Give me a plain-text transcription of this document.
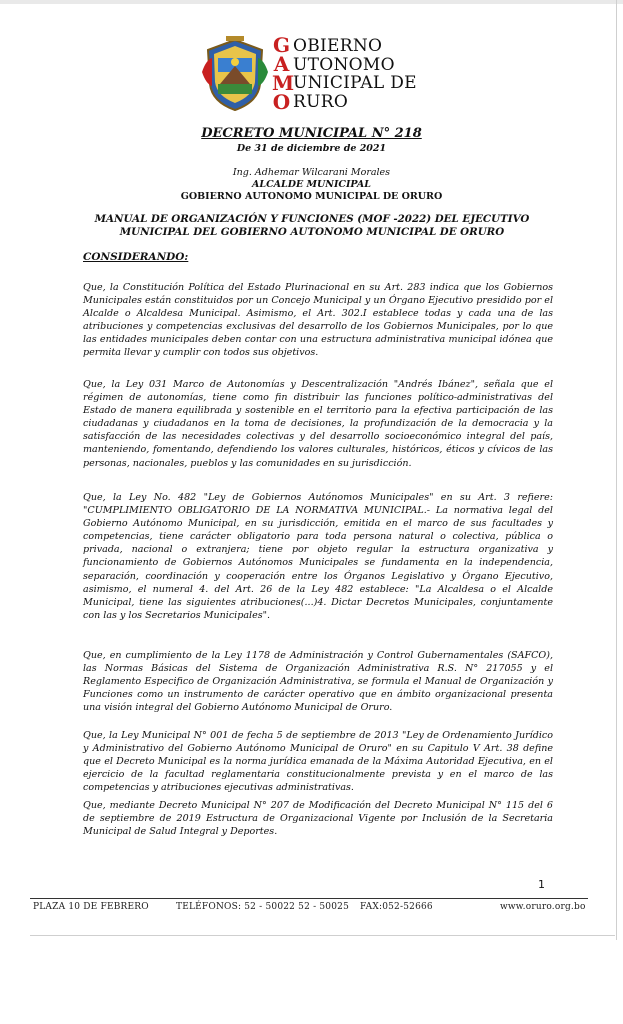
G
A
M
O
OBIERNO
UTONOMO
UNICIPAL DE
RURO
DECRETO MUNICIPAL N° 218
De 31 de diciembre de 2021
Ing. Adhemar Wilcarani Morales
ALCALDE MUNICIPAL
GOBIERNO AUTONOMO MUNICIPAL DE ORURO
MANUAL DE ORGANIZACIÓN Y FUNCIONES (MOF -2022) DEL EJECUTIVO MUNICIPAL DEL GOBIERNO AUTONOMO MUNICIPAL DE ORURO
CONSIDERANDO:
Que, la Constitución Política del Estado Plurinacional en su Art. 283 indica que los Gobiernos Municipales están constituidos por un Concejo Municipal y un Órgano Ejecutivo presidido por el Alcalde o Alcaldesa Municipal. Asimismo, el Art. 302.I establece todas y cada una de las atribuciones y competencias exclusivas del desarrollo de los Gobiernos Municipales, por lo que las entidades municipales deben contar con una estructura administrativa municipal idónea que permita llevar y cumplir con todos sus objetivos.
Que, la Ley 031 Marco de Autonomías y Descentralización "Andrés Ibánez", señala que el régimen de autonomías, tiene como fin distribuir las funciones político-administrativas del Estado de manera equilibrada y sostenible en el territorio para la efectiva participación de las ciudadanas y ciudadanos en la toma de decisiones, la profundización de la democracia y la satisfacción de las necesidades colectivas y del desarrollo socioeconómico integral del país, manteniendo, fomentando, defendiendo los valores culturales, históricos, éticos y cívicos de las personas, nacionales, pueblos y las comunidades en su jurisdicción.
Que, la Ley No. 482 "Ley de Gobiernos Autónomos Municipales" en su Art. 3 refiere: "CUMPLIMIENTO OBLIGATORIO DE LA NORMATIVA MUNICIPAL.- La normativa legal del Gobierno Autónomo Municipal, en su jurisdicción, emitida en el marco de sus facultades y competencias, tiene carácter obligatorio para toda persona natural o colectiva, pública o privada, nacional o extranjera; tiene por objeto regular la estructura organizativa y funcionamiento de Gobiernos Autónomos Municipales se fundamenta en la independencia, separación, coordinación y cooperación entre los Órganos Legislativo y Órgano Ejecutivo, asimismo, el numeral 4. del Art. 26 de la Ley 482 establece: "La Alcaldesa o el Alcalde Municipal, tiene las siguientes atribuciones(...)4. Dictar Decretos Municipales, conjuntamente con las y los Secretarios Municipales".
Que, en cumplimiento de la Ley 1178 de Administración y Control Gubernamentales (SAFCO), las Normas Básicas del Sistema de Organización Administrativa R.S. N° 217055 y el Reglamento Especifico de Organización Administrativa, se formula el Manual de Organización y Funciones como un instrumento de carácter operativo que en ámbito organizacional presenta una visión integral del Gobierno Autónomo Municipal de Oruro.
Que, la Ley Municipal N° 001 de fecha 5 de septiembre de 2013 "Ley de Ordenamiento Jurídico y Administrativo del Gobierno Autónomo Municipal de Oruro" en su Capitulo V Art. 38 define que el Decreto Municipal es la norma jurídica emanada de la Máxima Autoridad Ejecutiva, en el ejercicio de la facultad reglamentaria constitucionalmente prevista y en el marco de las competencias y atribuciones ejecutivas administrativas.
Que, mediante Decreto Municipal N° 207 de Modificación del Decreto Municipal N° 115 del 6 de septiembre de 2019 Estructura de Organizacional Vigente por Inclusión de la Secretaria Municipal de Salud Integral y Deportes.
1
PLAZA 10 DE FEBRERO	TELÉFONOS: 52 - 50022 52 - 50025 FAX:052-52666	www.oruro.org.bo
